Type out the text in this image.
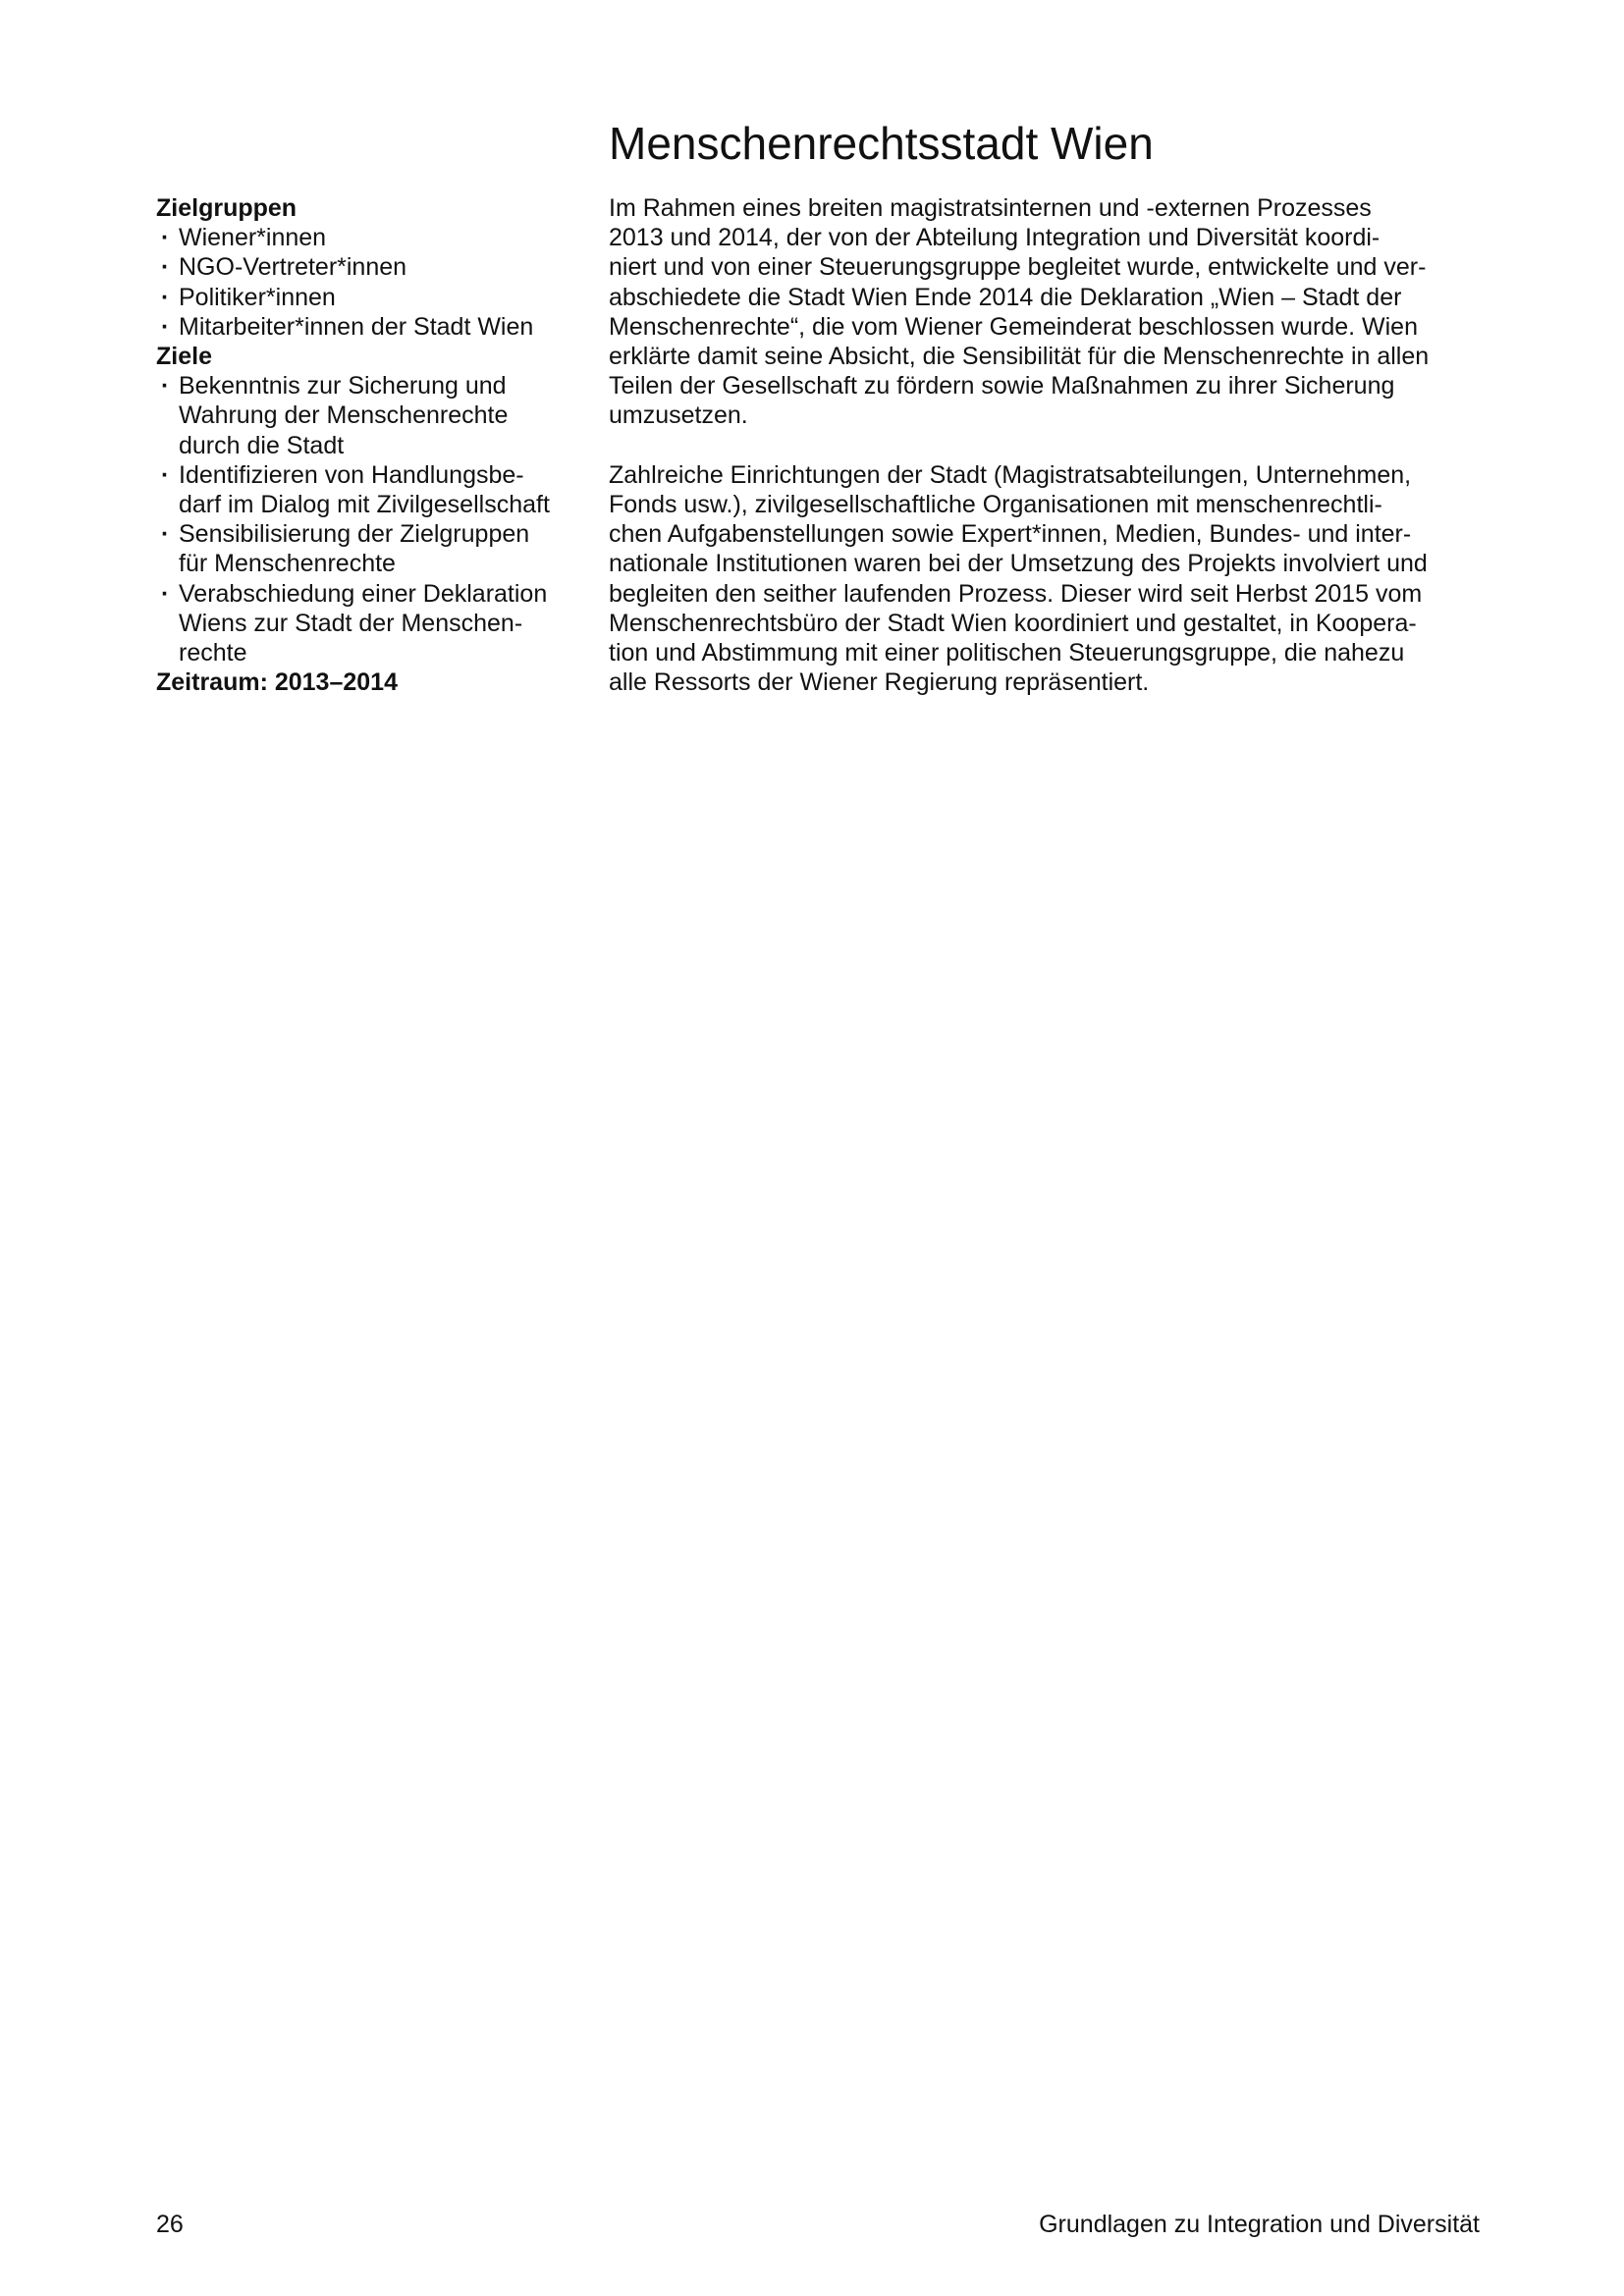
Menschenrechtsstadt Wien
Zielgruppen
· Wiener*innen
· NGO-Vertreter*innen
· Politiker*innen
· Mitarbeiter*innen der Stadt Wien
Ziele
· Bekenntnis zur Sicherung und
Wahrung der Menschenrechte
durch die Stadt
· Identifizieren von Handlungsbe-
darf im Dialog mit Zivilgesellschaft
· Sensibilisierung der Zielgruppen
für Menschenrechte
· Verabschiedung einer Deklaration
Wiens zur Stadt der Menschen-
rechte
Zeitraum: 2013–2014

Im Rahmen eines breiten magistratsinternen und -externen Prozesses
2013 und 2014, der von der Abteilung Integration und Diversität koordi-
niert und von einer Steuerungsgruppe begleitet wurde, entwickelte und ver-
abschiedete die Stadt Wien Ende 2014 die Deklaration „Wien – Stadt der
Menschenrechte“, die vom Wiener Gemeinderat beschlossen wurde. Wien
erklärte damit seine Absicht, die Sensibilität für die Menschenrechte in allen
Teilen der Gesellschaft zu fördern sowie Maßnahmen zu ihrer Sicherung
umzusetzen.

Zahlreiche Einrichtungen der Stadt (Magistratsabteilungen, Unternehmen,
Fonds usw.), zivilgesellschaftliche Organisationen mit menschenrechtli-
chen Aufgabenstellungen sowie Expert*innen, Medien, Bundes- und inter-
nationale Institutionen waren bei der Umsetzung des Projekts involviert und
begleiten den seither laufenden Prozess. Dieser wird seit Herbst 2015 vom
Menschenrechtsbüro der Stadt Wien koordiniert und gestaltet, in Koopera-
tion und Abstimmung mit einer politischen Steuerungsgruppe, die nahezu
alle Ressorts der Wiener Regierung repräsentiert.

26	Grundlagen zu Integration und Diversität
